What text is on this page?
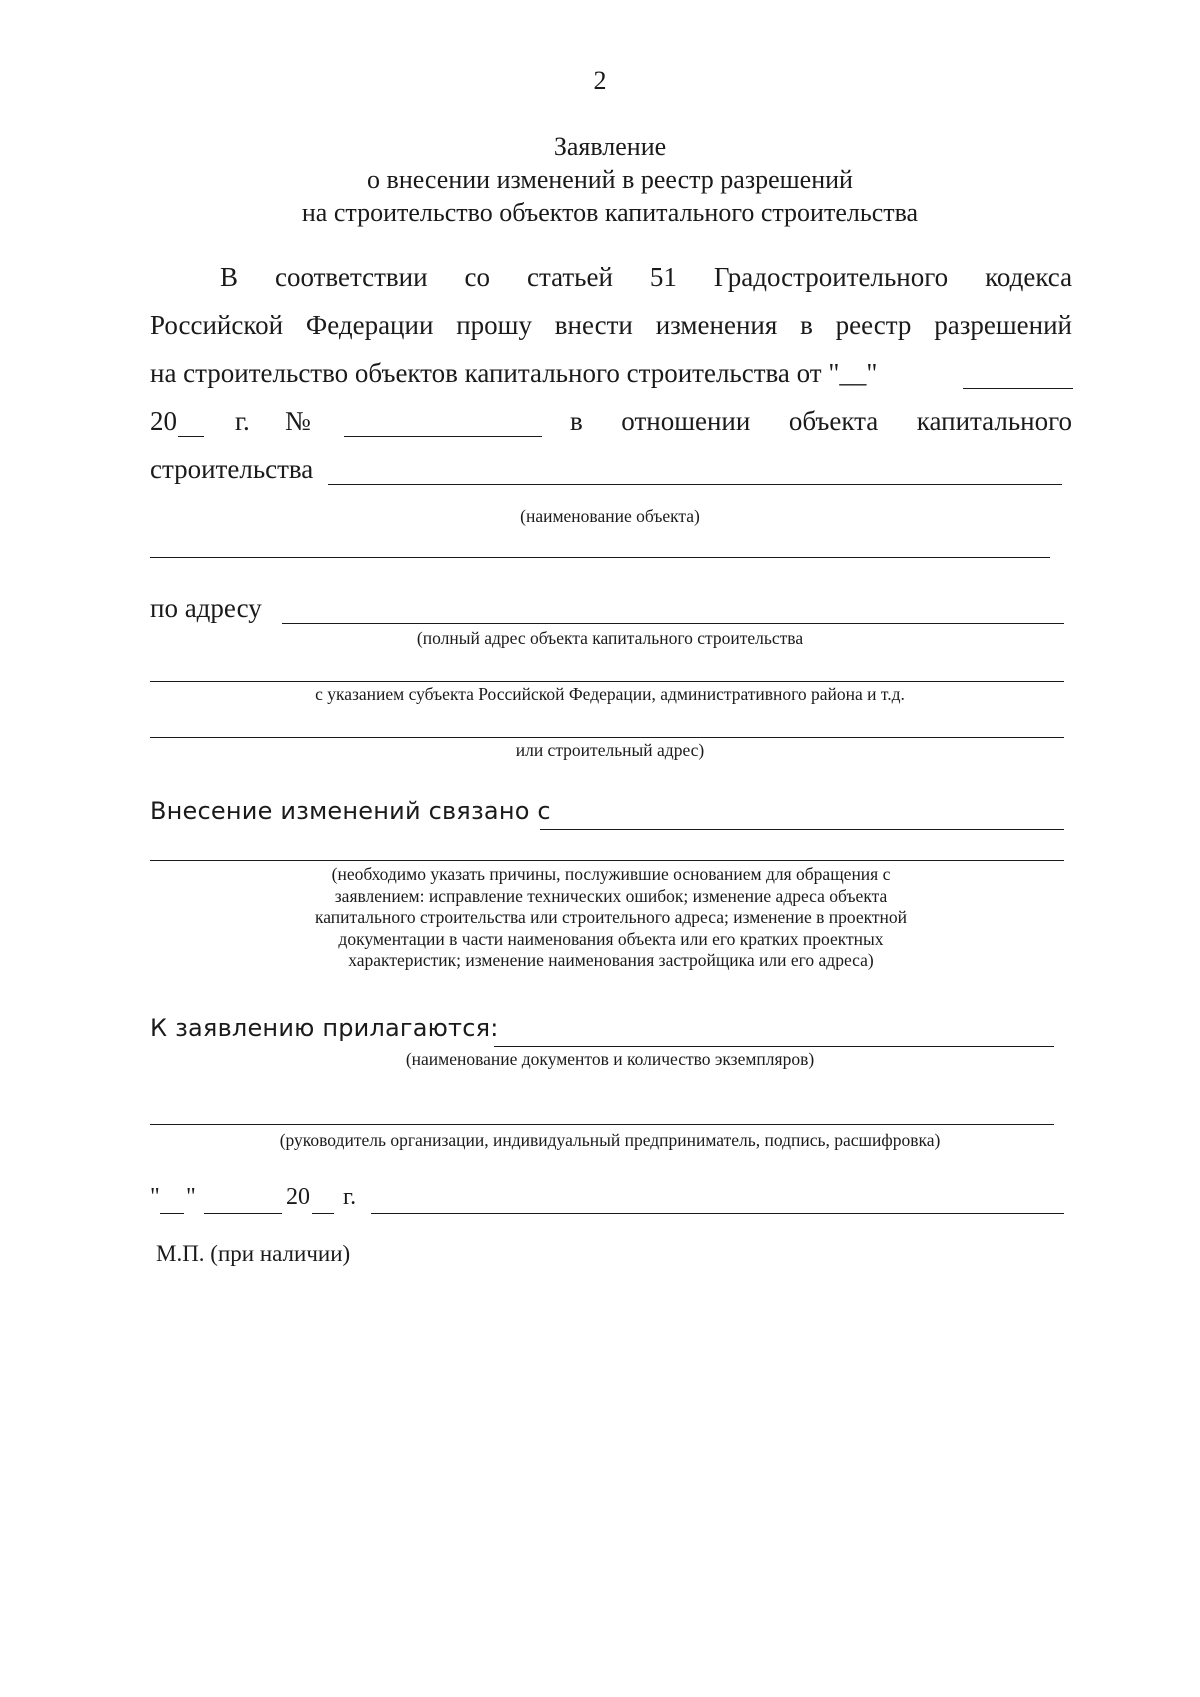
2
Заявление
о внесении изменений в реестр разрешений
на строительство объектов капитального строительства
В соответствии со статьей 51 Градостроительного кодекса
Российской Федерации прошу внести изменения в реестр разрешений
на строительство объектов капитального строительства от "__"
20 г. №	в отношении объекта капитального
строительства
(наименование объекта)
по адресу
(полный адрес объекта капитального строительства
с указанием субъекта Российской Федерации, административного района и т.д.
или строительный адрес)
Внесение изменений связано с
(необходимо указать причины, послужившие основанием для обращения с
заявлением: исправление технических ошибок; изменение адреса объекта
капитального строительства или строительного адреса; изменение в проектной
документации в части наименования объекта или его кратких проектных
характеристик; изменение наименования застройщика или его адреса)
К заявлению прилагаются:
(наименование документов и количество экземпляров)
(руководитель организации, индивидуальный предприниматель, подпись, расшифровка)
" "	20 г.
М.П. (при наличии)
